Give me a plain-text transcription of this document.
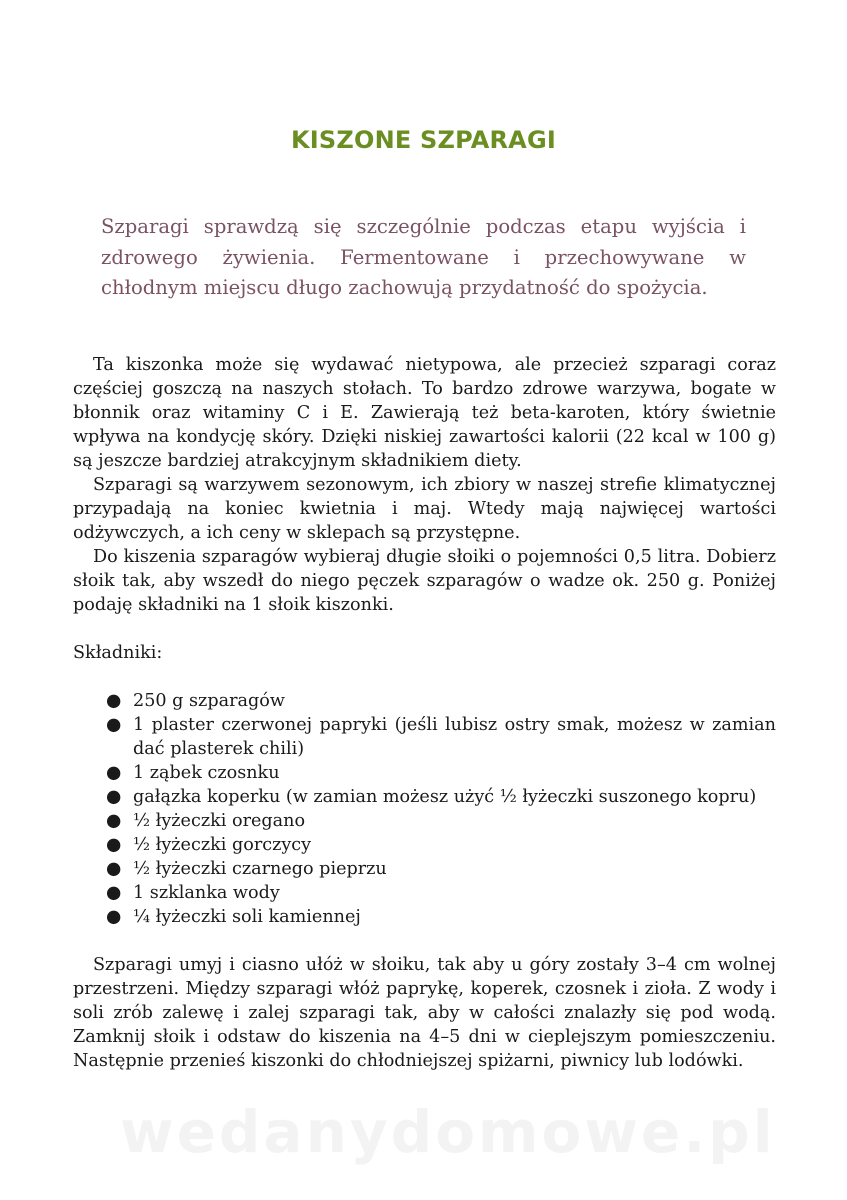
KISZONE SZPARAGI

Szparagi sprawdzą się szczególnie podczas etapu wyjścia i zdrowego żywienia. Fermentowane i przechowywane w chłodnym miejscu długo zachowują przydatność do spożycia.

Ta kiszonka może się wydawać nietypowa, ale przecież szparagi coraz częściej goszczą na naszych stołach. To bardzo zdrowe warzywa, bogate w błonnik oraz witaminy C i E. Zawierają też beta-karoten, który świetnie wpływa na kondycję skóry. Dzięki niskiej zawartości kalorii (22 kcal w 100 g) są jeszcze bardziej atrakcyjnym składnikiem diety.

Szparagi są warzywem sezonowym, ich zbiory w naszej strefie klimatycznej przypadają na koniec kwietnia i maj. Wtedy mają najwięcej wartości odżywczych, a ich ceny w sklepach są przystępne.

Do kiszenia szparagów wybieraj długie słoiki o pojemności 0,5 litra. Dobierz słoik tak, aby wszedł do niego pęczek szparagów o wadze ok. 250 g. Poniżej podaję składniki na 1 słoik kiszonki.

Składniki:

● 250 g szparagów
● 1 plaster czerwonej papryki (jeśli lubisz ostry smak, możesz w zamian dać plasterek chili)
● 1 ząbek czosnku
● gałązka koperku (w zamian możesz użyć ½ łyżeczki suszonego kopru)
● ½ łyżeczki oregano
● ½ łyżeczki gorczycy
● ½ łyżeczki czarnego pieprzu
● 1 szklanka wody
● ¼ łyżeczki soli kamiennej

Szparagi umyj i ciasno ułóż w słoiku, tak aby u góry zostały 3–4 cm wolnej przestrzeni. Między szparagi włóż paprykę, koperek, czosnek i zioła. Z wody i soli zrób zalewę i zalej szparagi tak, aby w całości znalazły się pod wodą. Zamknij słoik i odstaw do kiszenia na 4–5 dni w cieplejszym pomieszczeniu. Następnie przenieś kiszonki do chłodniejszej spiżarni, piwnicy lub lodówki.

wedanydomowe.pl
